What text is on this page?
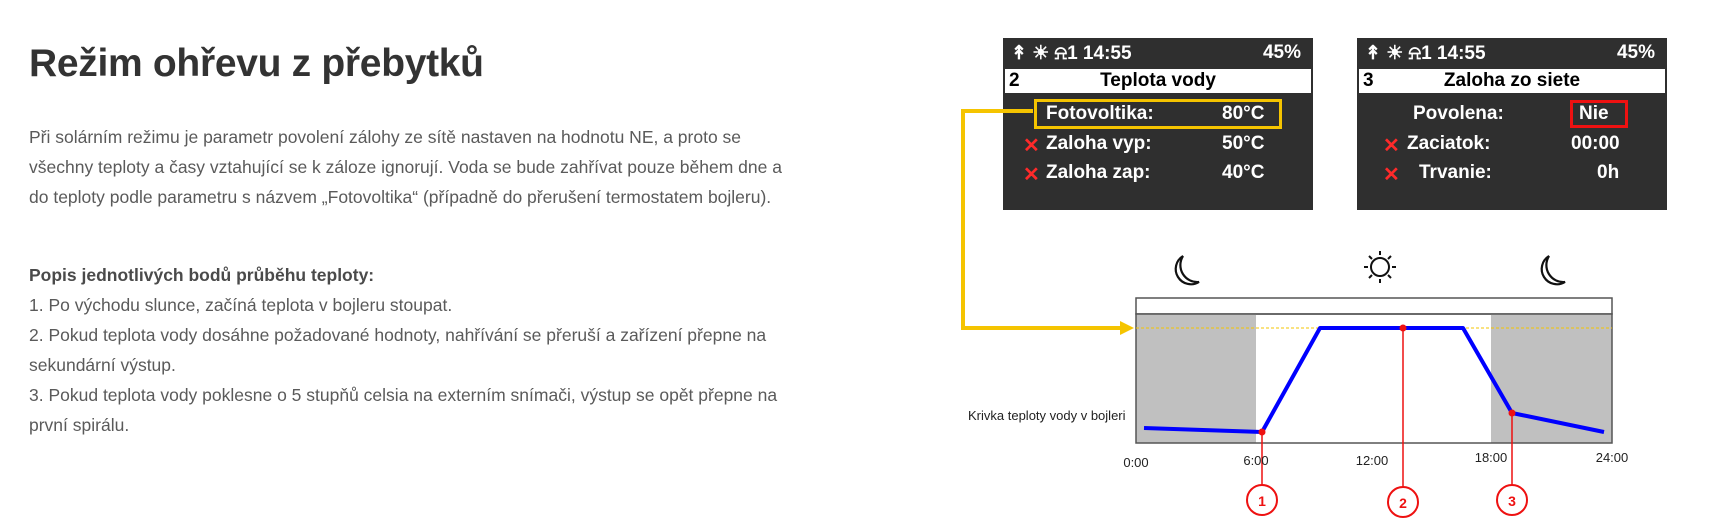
Režim ohřevu z přebytků

Při solárním režimu je parametr povolení zálohy ze sítě nastaven na hodnotu NE, a proto se všechny teploty a časy vztahující se k záloze ignorují. Voda se bude zahřívat pouze během dne a do teploty podle parametru s názvem „Fotovoltika“ (případně do přerušení termostatem bojleru).

Popis jednotlivých bodů průběhu teploty:
1. Po východu slunce, začíná teplota v bojleru stoupat.
2. Pokud teplota vody dosáhne požadované hodnoty, nahřívání se přeruší a zařízení přepne na sekundární výstup.
3. Pokud teplota vody poklesne o 5 stupňů celsia na externím snímači, výstup se opět přepne na první spirálu.
↟ ☀ ⍾1 14:55	45%
2	Teplota vody
Fotovoltika:	80°C
✕ Zaloha vyp:	50°C
✕ Zaloha zap:	40°C
↟ ☀ ⍾1 14:55	45%
3	Zaloha zo siete
Povolena:	Nie
✕ Zaciatok:	00:00
✕ Trvanie:	0h
1	2	3
Krivka teploty vody v bojleri
0:00	6:00	12:00	18:00	24:00
